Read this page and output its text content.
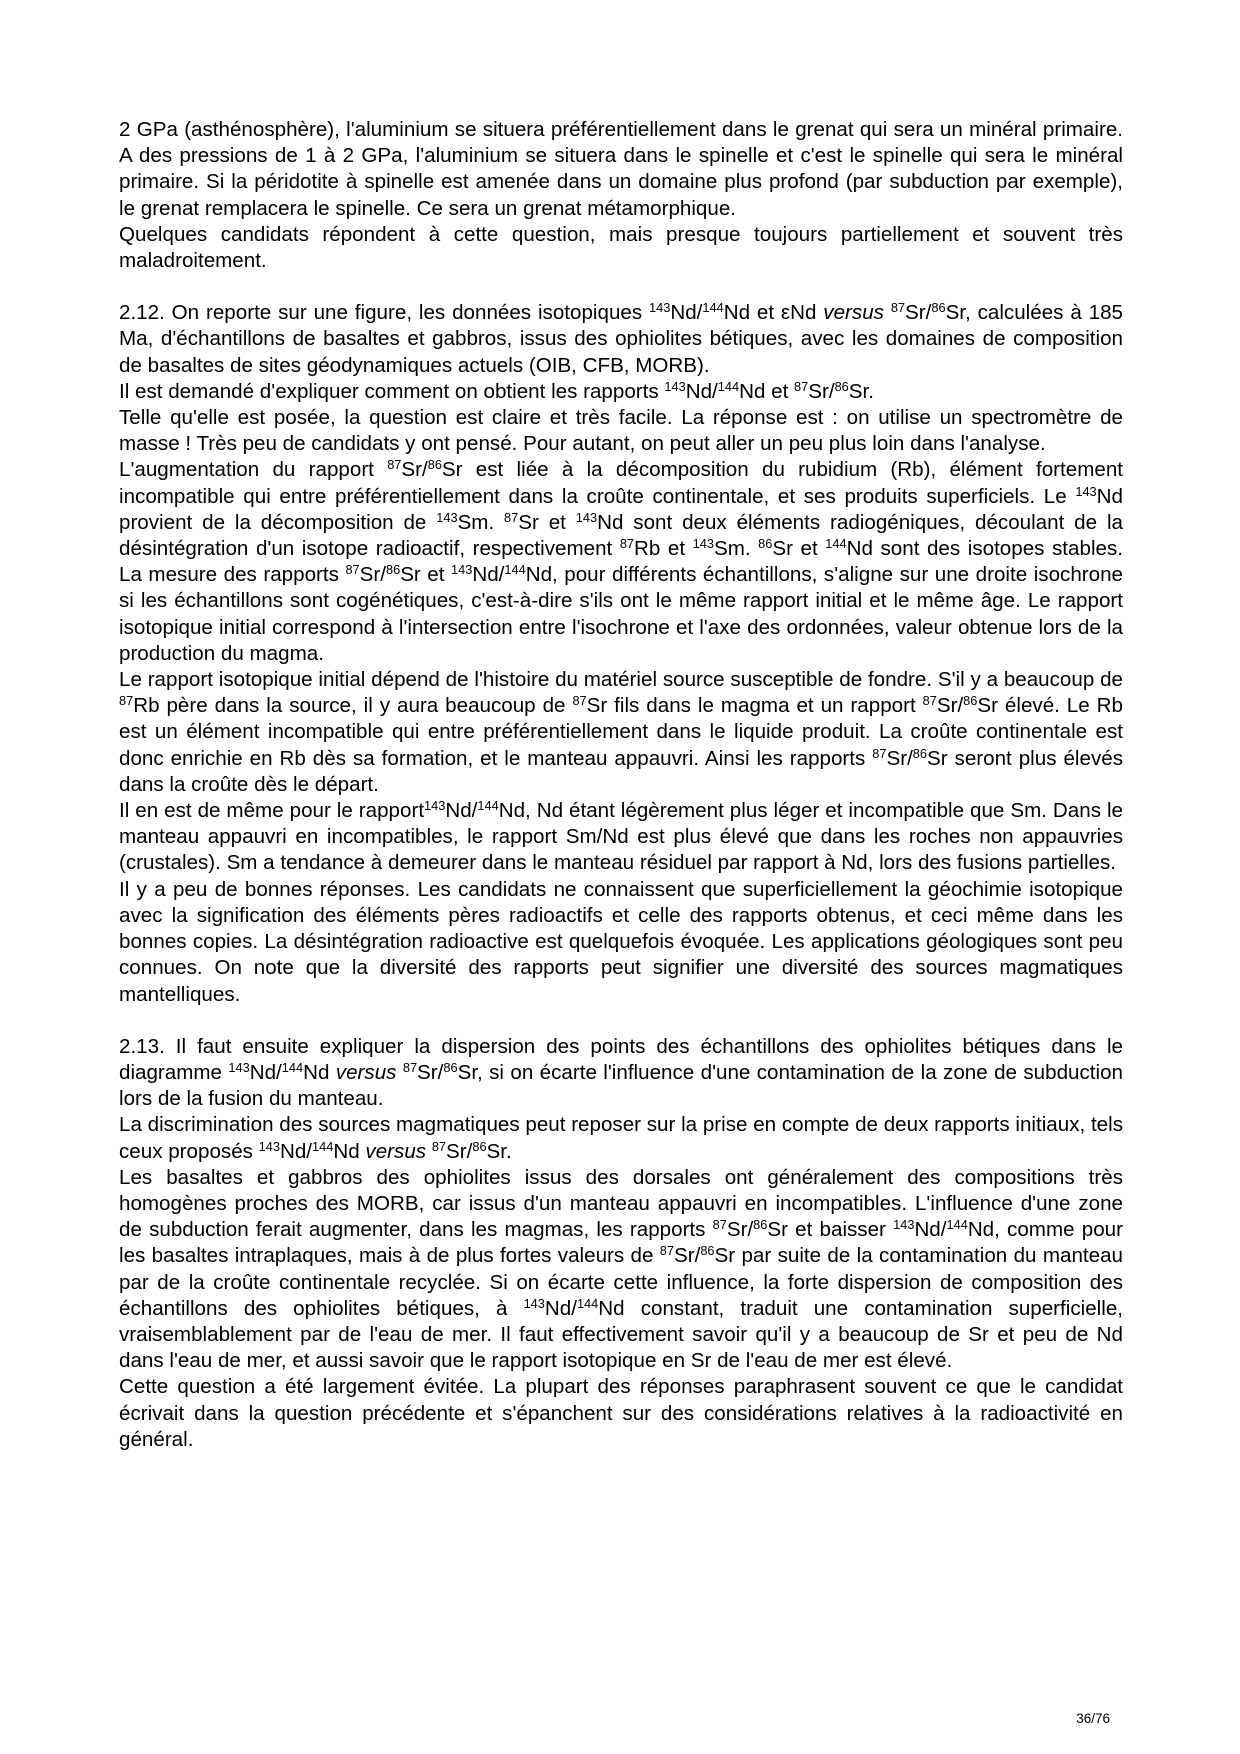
2 GPa (asthénosphère), l'aluminium se situera préférentiellement dans le grenat qui sera un minéral primaire. A des pressions de 1 à 2 GPa, l'aluminium se situera dans le spinelle et c'est le spinelle qui sera le minéral primaire. Si la péridotite à spinelle est amenée dans un domaine plus profond (par subduction par exemple), le grenat remplacera le spinelle. Ce sera un grenat métamorphique.

Quelques candidats répondent à cette question, mais presque toujours partiellement et souvent très maladroitement.

2.12. On reporte sur une figure, les données isotopiques $^{143}$Nd/$^{144}$Nd et εNd versus $^{87}$Sr/$^{86}$Sr, calculées à 185 Ma, d'échantillons de basaltes et gabbros, issus des ophiolites bétiques, avec les domaines de composition de basaltes de sites géodynamiques actuels (OIB, CFB, MORB).

Il est demandé d'expliquer comment on obtient les rapports $^{143}$Nd/$^{144}$Nd et $^{87}$Sr/$^{86}$Sr.

Telle qu'elle est posée, la question est claire et très facile. La réponse est : on utilise un spectromètre de masse ! Très peu de candidats y ont pensé. Pour autant, on peut aller un peu plus loin dans l'analyse.

L'augmentation du rapport $^{87}$Sr/$^{86}$Sr est liée à la décomposition du rubidium (Rb), élément fortement incompatible qui entre préférentiellement dans la croûte continentale, et ses produits superficiels. Le $^{143}$Nd provient de la décomposition de $^{143}$Sm. $^{87}$Sr et $^{143}$Nd sont deux éléments radiogéniques, découlant de la désintégration d'un isotope radioactif, respectivement $^{87}$Rb et $^{143}$Sm. $^{86}$Sr et $^{144}$Nd sont des isotopes stables. La mesure des rapports $^{87}$Sr/$^{86}$Sr et $^{143}$Nd/$^{144}$Nd, pour différents échantillons, s'aligne sur une droite isochrone si les échantillons sont cogénétiques, c'est-à-dire s'ils ont le même rapport initial et le même âge. Le rapport isotopique initial correspond à l'intersection entre l'isochrone et l'axe des ordonnées, valeur obtenue lors de la production du magma.

Le rapport isotopique initial dépend de l'histoire du matériel source susceptible de fondre. S'il y a beaucoup de $^{87}$Rb père dans la source, il y aura beaucoup de $^{87}$Sr fils dans le magma et un rapport $^{87}$Sr/$^{86}$Sr élevé. Le Rb est un élément incompatible qui entre préférentiellement dans le liquide produit. La croûte continentale est donc enrichie en Rb dès sa formation, et le manteau appauvri. Ainsi les rapports $^{87}$Sr/$^{86}$Sr seront plus élevés dans la croûte dès le départ.

Il en est de même pour le rapport$^{143}$Nd/$^{144}$Nd, Nd étant légèrement plus léger et incompatible que Sm. Dans le manteau appauvri en incompatibles, le rapport Sm/Nd est plus élevé que dans les roches non appauvries (crustales). Sm a tendance à demeurer dans le manteau résiduel par rapport à Nd, lors des fusions partielles.

Il y a peu de bonnes réponses. Les candidats ne connaissent que superficiellement la géochimie isotopique avec la signification des éléments pères radioactifs et celle des rapports obtenus, et ceci même dans les bonnes copies. La désintégration radioactive est quelquefois évoquée. Les applications géologiques sont peu connues. On note que la diversité des rapports peut signifier une diversité des sources magmatiques mantelliques.

2.13. Il faut ensuite expliquer la dispersion des points des échantillons des ophiolites bétiques dans le diagramme $^{143}$Nd/$^{144}$Nd versus $^{87}$Sr/$^{86}$Sr, si on écarte l'influence d'une contamination de la zone de subduction lors de la fusion du manteau.

La discrimination des sources magmatiques peut reposer sur la prise en compte de deux rapports initiaux, tels ceux proposés $^{143}$Nd/$^{144}$Nd versus $^{87}$Sr/$^{86}$Sr.

Les basaltes et gabbros des ophiolites issus des dorsales ont généralement des compositions très homogènes proches des MORB, car issus d'un manteau appauvri en incompatibles. L'influence d'une zone de subduction ferait augmenter, dans les magmas, les rapports $^{87}$Sr/$^{86}$Sr et baisser $^{143}$Nd/$^{144}$Nd, comme pour les basaltes intraplaques, mais à de plus fortes valeurs de $^{87}$Sr/$^{86}$Sr par suite de la contamination du manteau par de la croûte continentale recyclée. Si on écarte cette influence, la forte dispersion de composition des échantillons des ophiolites bétiques, à $^{143}$Nd/$^{144}$Nd constant, traduit une contamination superficielle, vraisemblablement par de l'eau de mer. Il faut effectivement savoir qu'il y a beaucoup de Sr et peu de Nd dans l'eau de mer, et aussi savoir que le rapport isotopique en Sr de l'eau de mer est élevé.

Cette question a été largement évitée. La plupart des réponses paraphrasent souvent ce que le candidat écrivait dans la question précédente et s'épanchent sur des considérations relatives à la radioactivité en général.

36/76
